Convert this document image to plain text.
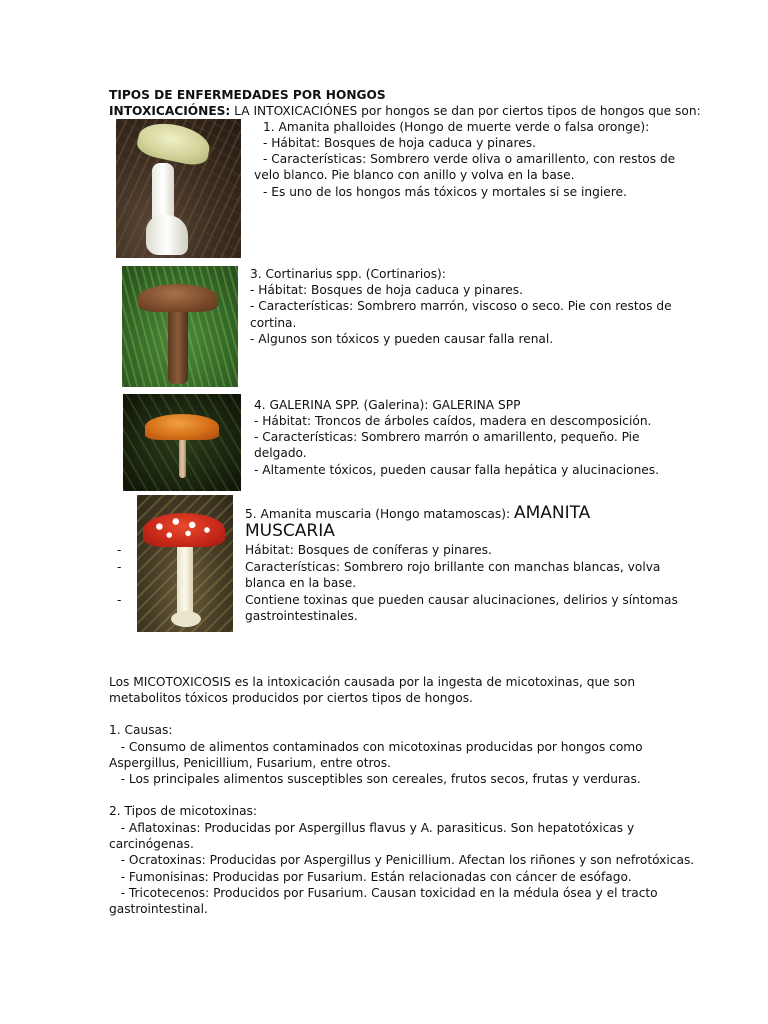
TIPOS DE ENFERMEDADES POR HONGOS
INTOXICACIÓNES: LA INTOXICACIÓNES por hongos se dan por ciertos tipos de hongos que son:
1. Amanita phalloides (Hongo de muerte verde o falsa oronge):
- Hábitat: Bosques de hoja caduca y pinares.
- Características: Sombrero verde oliva o amarillento, con restos de
velo blanco. Pie blanco con anillo y volva en la base.
- Es uno de los hongos más tóxicos y mortales si se ingiere.
3. Cortinarius spp. (Cortinarios):
- Hábitat: Bosques de hoja caduca y pinares.
- Características: Sombrero marrón, viscoso o seco. Pie con restos de
cortina.
- Algunos son tóxicos y pueden causar falla renal.
4. GALERINA SPP. (Galerina): GALERINA SPP
- Hábitat: Troncos de árboles caídos, madera en descomposición.
- Características: Sombrero marrón o amarillento, pequeño. Pie
delgado.
- Altamente tóxicos, pueden causar falla hepática y alucinaciones.
5. Amanita muscaria (Hongo matamoscas): AMANITA
MUSCARIA
-	Hábitat: Bosques de coníferas y pinares.
-	Características: Sombrero rojo brillante con manchas blancas, volva
blanca en la base.
-	Contiene toxinas que pueden causar alucinaciones, delirios y síntomas
gastrointestinales.
Los MICOTOXICOSIS es la intoxicación causada por la ingesta de micotoxinas, que son
metabolitos tóxicos producidos por ciertos tipos de hongos.
1. Causas:
- Consumo de alimentos contaminados con micotoxinas producidas por hongos como
Aspergillus, Penicillium, Fusarium, entre otros.
- Los principales alimentos susceptibles son cereales, frutos secos, frutas y verduras.
2. Tipos de micotoxinas:
- Aflatoxinas: Producidas por Aspergillus flavus y A. parasiticus. Son hepatotóxicas y
carcinógenas.
- Ocratoxinas: Producidas por Aspergillus y Penicillium. Afectan los riñones y son nefrotóxicas.
- Fumonisinas: Producidas por Fusarium. Están relacionadas con cáncer de esófago.
- Tricotecenos: Producidos por Fusarium. Causan toxicidad en la médula ósea y el tracto
gastrointestinal.
